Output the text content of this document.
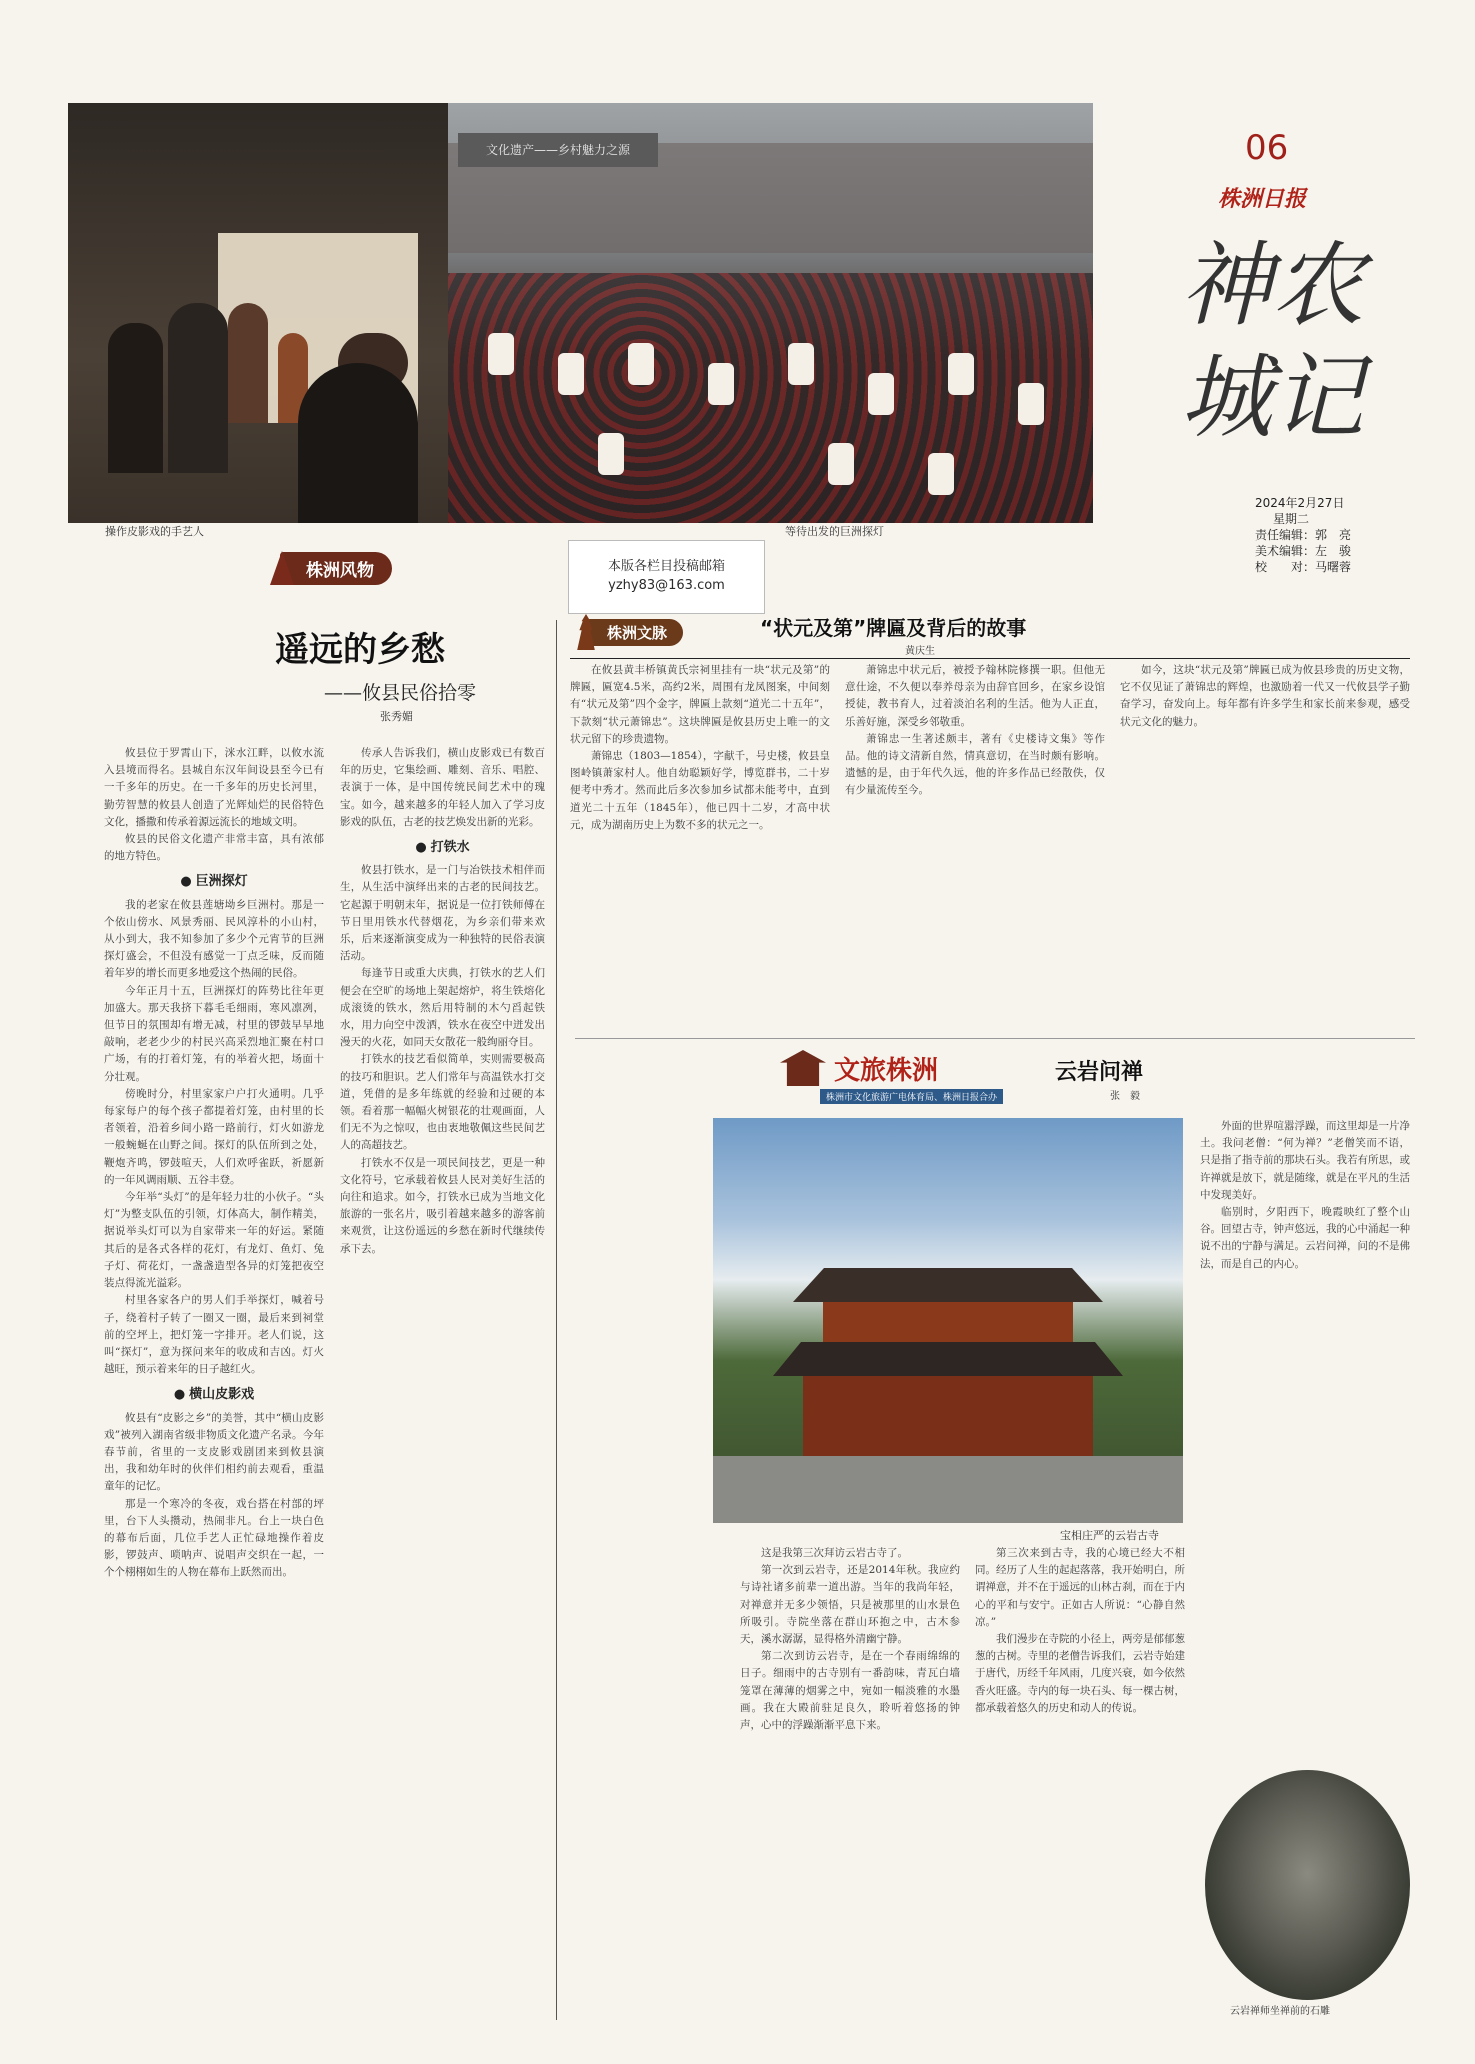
文化遗产——乡村魅力之源
操作皮影戏的手艺人	等待出发的巨洲探灯
06
株洲日报
神农城记
2024年2月27日
星期二
责任编辑：郭　亮
美术编辑：左　骏
校　　对：马曙蓉
本版各栏目投稿邮箱
yzhy83@163.com
株洲风物
遥远的乡愁
——攸县民俗拾零
张秀媚

攸县位于罗霄山下，洣水江畔，以攸水流入县境而得名。县城自东汉年间设县至今已有一千多年的历史。在一千多年的历史长河里，勤劳智慧的攸县人创造了光辉灿烂的民俗特色文化，播撒和传承着源远流长的地域文明。

攸县的民俗文化遗产非常丰富，具有浓郁的地方特色。

● 巨洲探灯

我的老家在攸县莲塘坳乡巨洲村。那是一个依山傍水、风景秀丽、民风淳朴的小山村，从小到大，我不知参加了多少个元宵节的巨洲探灯盛会，不但没有感觉一丁点乏味，反而随着年岁的增长而更多地爱这个热闹的民俗。

今年正月十五，巨洲探灯的阵势比往年更加盛大。那天我挤下暮毛毛细雨，寒风凛冽，但节日的氛围却有增无减，村里的锣鼓早早地敲响，老老少少的村民兴高采烈地汇聚在村口广场，有的打着灯笼，有的举着火把，场面十分壮观。

傍晚时分，村里家家户户打火通明。几乎每家每户的每个孩子都提着灯笼，由村里的长者领着，沿着乡间小路一路前行，灯火如游龙一般蜿蜒在山野之间。探灯的队伍所到之处，鞭炮齐鸣，锣鼓喧天，人们欢呼雀跃，祈愿新的一年风调雨顺、五谷丰登。

今年举“头灯”的是年轻力壮的小伙子。“头灯”为整支队伍的引领，灯体高大，制作精美，据说举头灯可以为自家带来一年的好运。紧随其后的是各式各样的花灯，有龙灯、鱼灯、兔子灯、荷花灯，一盏盏造型各异的灯笼把夜空装点得流光溢彩。

村里各家各户的男人们手举探灯，喊着号子，绕着村子转了一圈又一圈，最后来到祠堂前的空坪上，把灯笼一字排开。老人们说，这叫“探灯”，意为探问来年的收成和吉凶。灯火越旺，预示着来年的日子越红火。

● 横山皮影戏

攸县有“皮影之乡”的美誉，其中“横山皮影戏”被列入湖南省级非物质文化遗产名录。今年春节前，省里的一支皮影戏剧团来到攸县演出，我和幼年时的伙伴们相约前去观看，重温童年的记忆。

那是一个寒冷的冬夜，戏台搭在村部的坪里，台下人头攒动，热闹非凡。台上一块白色的幕布后面，几位手艺人正忙碌地操作着皮影，锣鼓声、唢呐声、说唱声交织在一起，一个个栩栩如生的人物在幕布上跃然而出。

传承人告诉我们，横山皮影戏已有数百年的历史，它集绘画、雕刻、音乐、唱腔、表演于一体，是中国传统民间艺术中的瑰宝。如今，越来越多的年轻人加入了学习皮影戏的队伍，古老的技艺焕发出新的光彩。

● 打铁水

攸县打铁水，是一门与冶铁技术相伴而生，从生活中演绎出来的古老的民间技艺。它起源于明朝末年，据说是一位打铁师傅在节日里用铁水代替烟花，为乡亲们带来欢乐，后来逐渐演变成为一种独特的民俗表演活动。

每逢节日或重大庆典，打铁水的艺人们便会在空旷的场地上架起熔炉，将生铁熔化成滚烫的铁水，然后用特制的木勺舀起铁水，用力向空中泼洒，铁水在夜空中迸发出漫天的火花，如同天女散花一般绚丽夺目。

打铁水的技艺看似简单，实则需要极高的技巧和胆识。艺人们常年与高温铁水打交道，凭借的是多年练就的经验和过硬的本领。看着那一幅幅火树银花的壮观画面，人们无不为之惊叹，也由衷地敬佩这些民间艺人的高超技艺。

打铁水不仅是一项民间技艺，更是一种文化符号，它承载着攸县人民对美好生活的向往和追求。如今，打铁水已成为当地文化旅游的一张名片，吸引着越来越多的游客前来观赏，让这份遥远的乡愁在新时代继续传承下去。

株洲文脉	“状元及第”牌匾及背后的故事
黄庆生

在攸县黄丰桥镇黄氏宗祠里挂有一块“状元及第”的牌匾，匾宽4.5米，高约2米，周围有龙凤图案，中间刻有“状元及第”四个金字，牌匾上款刻“道光二十五年”，下款刻“状元萧锦忠”。这块牌匾是攸县历史上唯一的文状元留下的珍贵遗物。

萧锦忠（1803—1854），字献千，号史楼，攸县皇图岭镇萧家村人。他自幼聪颖好学，博览群书，二十岁便考中秀才。然而此后多次参加乡试都未能考中，直到道光二十五年（1845年），他已四十二岁，才高中状元，成为湖南历史上为数不多的状元之一。

萧锦忠中状元后，被授予翰林院修撰一职。但他无意仕途，不久便以奉养母亲为由辞官回乡，在家乡设馆授徒，教书育人，过着淡泊名利的生活。他为人正直，乐善好施，深受乡邻敬重。

萧锦忠一生著述颇丰，著有《史楼诗文集》等作品。他的诗文清新自然，情真意切，在当时颇有影响。遗憾的是，由于年代久远，他的许多作品已经散佚，仅有少量流传至今。

如今，这块“状元及第”牌匾已成为攸县珍贵的历史文物，它不仅见证了萧锦忠的辉煌，也激励着一代又一代攸县学子勤奋学习，奋发向上。每年都有许多学生和家长前来参观，感受状元文化的魅力。

文旅株洲
株洲市文化旅游广电体育局、株洲日报合办
云岩问禅
张　毅
宝相庄严的云岩古寺

这是我第三次拜访云岩古寺了。

第一次到云岩寺，还是2014年秋。我应约与诗社诸多前辈一道出游。当年的我尚年轻，对禅意并无多少领悟，只是被那里的山水景色所吸引。寺院坐落在群山环抱之中，古木参天，溪水潺潺，显得格外清幽宁静。

第二次到访云岩寺，是在一个春雨绵绵的日子。细雨中的古寺别有一番韵味，青瓦白墙笼罩在薄薄的烟雾之中，宛如一幅淡雅的水墨画。我在大殿前驻足良久，聆听着悠扬的钟声，心中的浮躁渐渐平息下来。

第三次来到古寺，我的心境已经大不相同。经历了人生的起起落落，我开始明白，所谓禅意，并不在于遥远的山林古刹，而在于内心的平和与安宁。正如古人所说：“心静自然凉。”

我们漫步在寺院的小径上，两旁是郁郁葱葱的古树。寺里的老僧告诉我们，云岩寺始建于唐代，历经千年风雨，几度兴衰，如今依然香火旺盛。寺内的每一块石头、每一棵古树，都承载着悠久的历史和动人的传说。

外面的世界喧嚣浮躁，而这里却是一片净土。我问老僧：“何为禅？”老僧笑而不语，只是指了指寺前的那块石头。我若有所思，或许禅就是放下，就是随缘，就是在平凡的生活中发现美好。

临别时，夕阳西下，晚霞映红了整个山谷。回望古寺，钟声悠远，我的心中涌起一种说不出的宁静与满足。云岩问禅，问的不是佛法，而是自己的内心。

云岩禅师坐禅前的石雕
